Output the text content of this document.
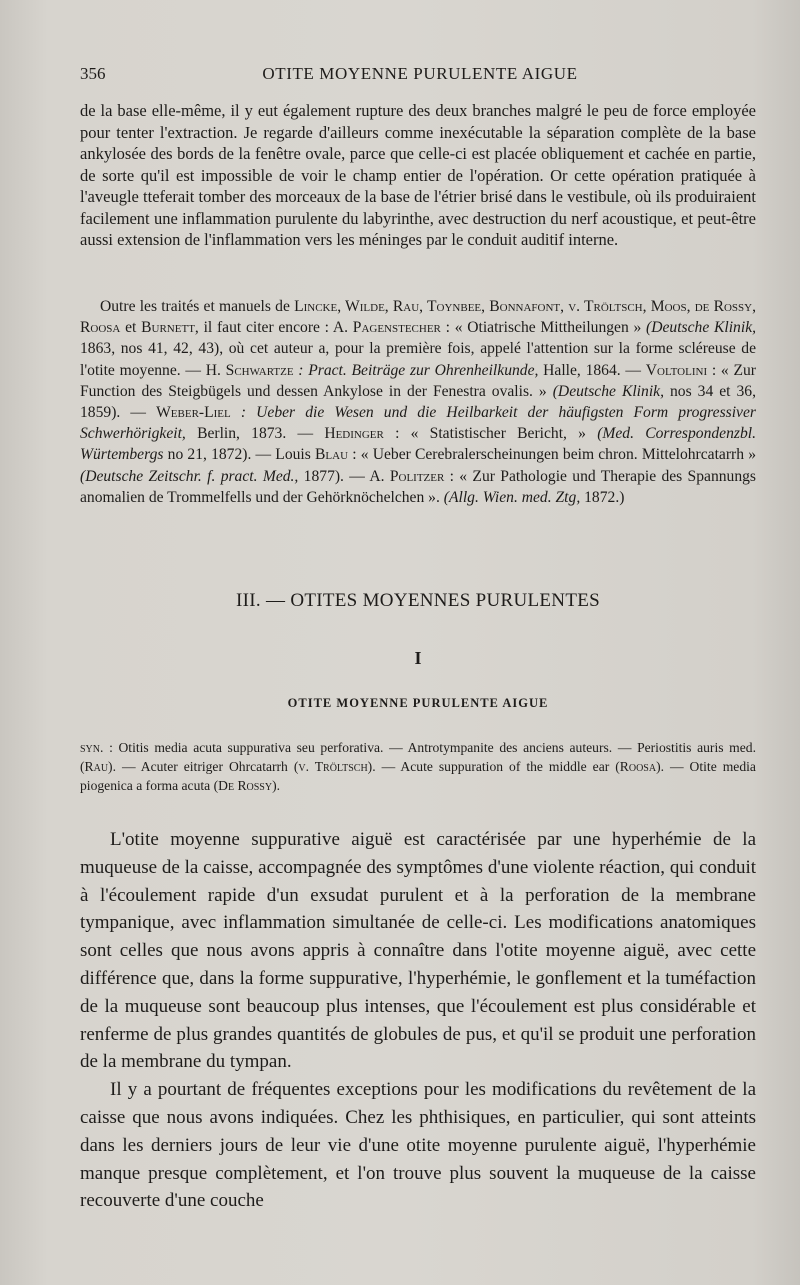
356	OTITE MOYENNE PURULENTE AIGUE

de la base elle-même, il y eut également rupture des deux branches malgré le peu de force employée pour tenter l'extraction. Je regarde d'ailleurs comme inexécutable la séparation complète de la base ankylosée des bords de la fenêtre ovale, parce que celle-ci est placée obliquement et cachée en partie, de sorte qu'il est impossible de voir le champ entier de l'opération. Or cette opération pratiquée à l'aveugle tteferait tomber des morceaux de la base de l'étrier brisé dans le vestibule, où ils produiraient facilement une inflammation purulente du labyrinthe, avec destruction du nerf acoustique, et peut-être aussi extension de l'inflammation vers les méninges par le conduit auditif interne.

Outre les traités et manuels de Lincke, Wilde, Rau, Toynbee, Bonnafont, v. Tröltsch, Moos, de Rossy, Roosa et Burnett, il faut citer encore : A. Pagenstecher : « Otiatrische Mittheilungen » (Deutsche Klinik, 1863, nos 41, 42, 43), où cet auteur a, pour la première fois, appelé l'attention sur la forme scléreuse de l'otite moyenne. — H. Schwartze : Pract. Beiträge zur Ohrenheilkunde, Halle, 1864. — Voltolini : « Zur Function des Steigbügels und dessen Ankylose in der Fenestra ovalis. » (Deutsche Klinik, nos 34 et 36, 1859). — Weber-Liel : Ueber die Wesen und die Heilbarkeit der häufigsten Form progressiver Schwerhörigkeit, Berlin, 1873. — Hedinger : « Statistischer Bericht, » (Med. Correspondenzbl. Würtembergs no 21, 1872). — Louis Blau : « Ueber Cerebralerscheinungen beim chron. Mittelohrcatarrh » (Deutsche Zeitschr. f. pract. Med., 1877). — A. Politzer : « Zur Pathologie und Therapie des Spannungs anomalien de Trommelfells und der Gehörknöchelchen ». (Allg. Wien. med. Ztg, 1872.)
III. — OTITES MOYENNES PURULENTES
I
OTITE MOYENNE PURULENTE AIGUE
syn. : Otitis media acuta suppurativa seu perforativa. — Antrotympanite des anciens auteurs. — Periostitis auris med. (Rau). — Acuter eitriger Ohrcatarrh (v. Tröltsch). — Acute suppuration of the middle ear (Roosa). — Otite media piogenica a forma acuta (De Rossy).

L'otite moyenne suppurative aiguë est caractérisée par une hyperhémie de la muqueuse de la caisse, accompagnée des symptômes d'une violente réaction, qui conduit à l'écoulement rapide d'un exsudat purulent et à la perforation de la membrane tympanique, avec inflammation simultanée de celle-ci. Les modifications anatomiques sont celles que nous avons appris à connaître dans l'otite moyenne aiguë, avec cette différence que, dans la forme suppurative, l'hyperhémie, le gonflement et la tuméfaction de la muqueuse sont beaucoup plus intenses, que l'écoulement est plus considérable et renferme de plus grandes quantités de globules de pus, et qu'il se produit une perforation de la membrane du tympan.

Il y a pourtant de fréquentes exceptions pour les modifications du revêtement de la caisse que nous avons indiquées. Chez les phthisiques, en particulier, qui sont atteints dans les derniers jours de leur vie d'une otite moyenne purulente aiguë, l'hyperhémie manque presque complètement, et l'on trouve plus souvent la muqueuse de la caisse recouverte d'une couche
